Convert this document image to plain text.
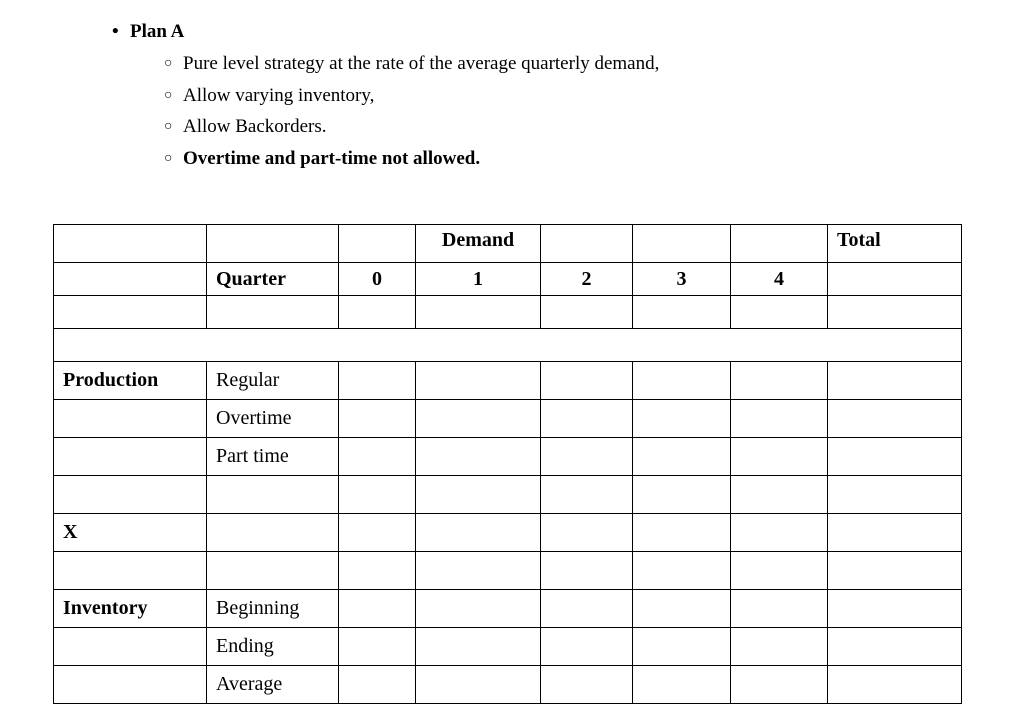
• Plan A
○ Pure level strategy at the rate of the average quarterly demand,
○ Allow varying inventory,
○ Allow Backorders.
○ Overtime and part-time not allowed.
			Demand				Total
	Quarter	0	1	2	3	4	

Production	Regular						
	Overtime						
	Part time						

X							

Inventory	Beginning						
	Ending						
	Average						
